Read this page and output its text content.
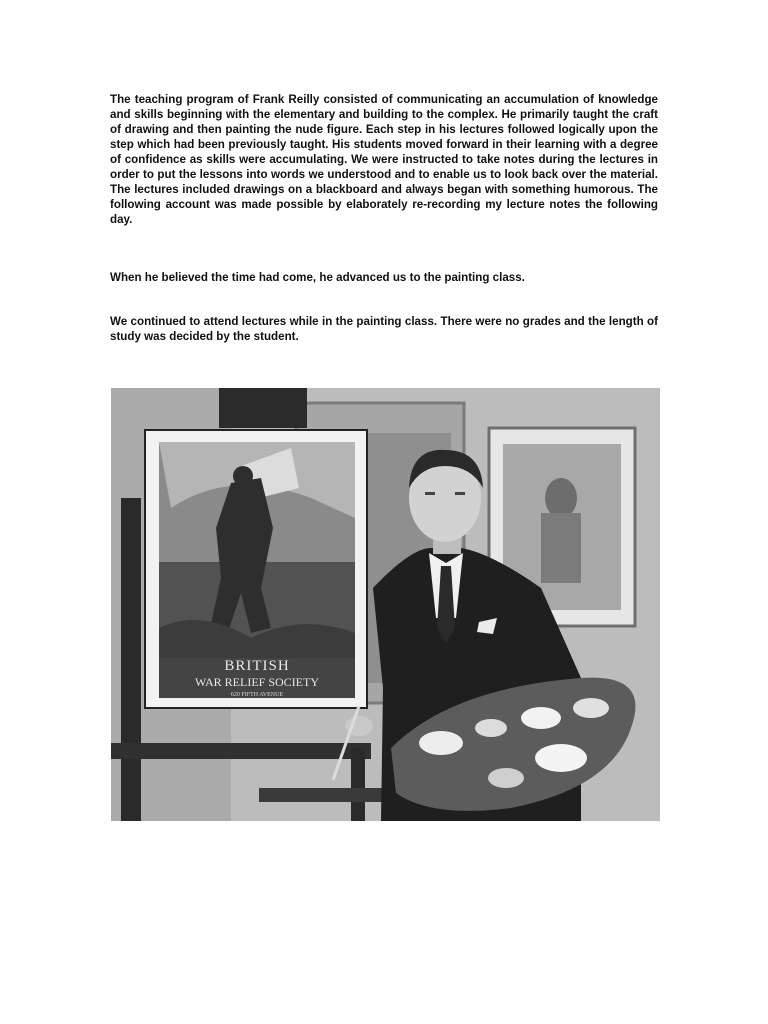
The teaching program of Frank Reilly consisted of communicating an accumulation of knowledge and skills beginning with the elementary and building to the complex. He primarily taught the craft of drawing and then painting the nude figure. Each step in his lectures followed logically upon the step which had been previously taught. His students moved forward in their learning with a degree of confidence as skills were accumulating. We were instructed to take notes during the lectures in order to put the lessons into words we understood and to enable us to look back over the material. The lectures included drawings on a blackboard and always began with something humorous. The following account was made possible by elaborately re-recording my lecture notes the following day.

When he believed the time had come, he advanced us to the painting class.

We continued to attend lectures while in the painting class. There were no grades and the length of study was decided by the student.

BRITISH
WAR RELIEF SOCIETY
620 FIFTH AVENUE
